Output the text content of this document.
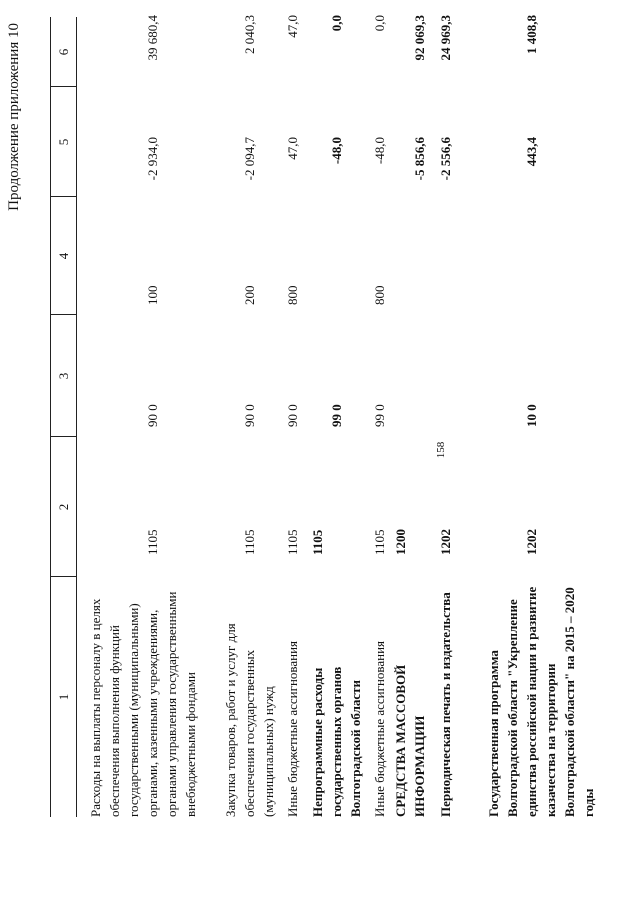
Продолжение приложения 10
158
1
2
3
4
5
6
Расходы на выплаты персоналу в целях обеспечения выполнения функций государственными (муниципальными) органами, казенными учреждениями, органами управления государственными внебюджетными фондами
1105
90 0
100
-2 934,0
39 680,4
Закупка товаров, работ и услуг для обеспечения государственных (муниципальных) нужд
1105
90 0
200
-2 094,7
2 040,3
Иные бюджетные ассигнования
1105
90 0
800
47,0
47,0
Непрограммные расходы государственных органов Волгоградской области
1105
99 0
-48,0
0,0
Иные бюджетные ассигнования
1105
99 0
800
-48,0
0,0
СРЕДСТВА МАССОВОЙ ИНФОРМАЦИИ
1200
-5 856,6
92 069,3
Периодическая печать и издательства
1202
-2 556,6
24 969,3
Государственная программа Волгоградской области "Укрепление единства российской нации и развитие казачества на территории Волгоградской области" на 2015 – 2020 годы
1202
10 0
443,4
1 408,8
